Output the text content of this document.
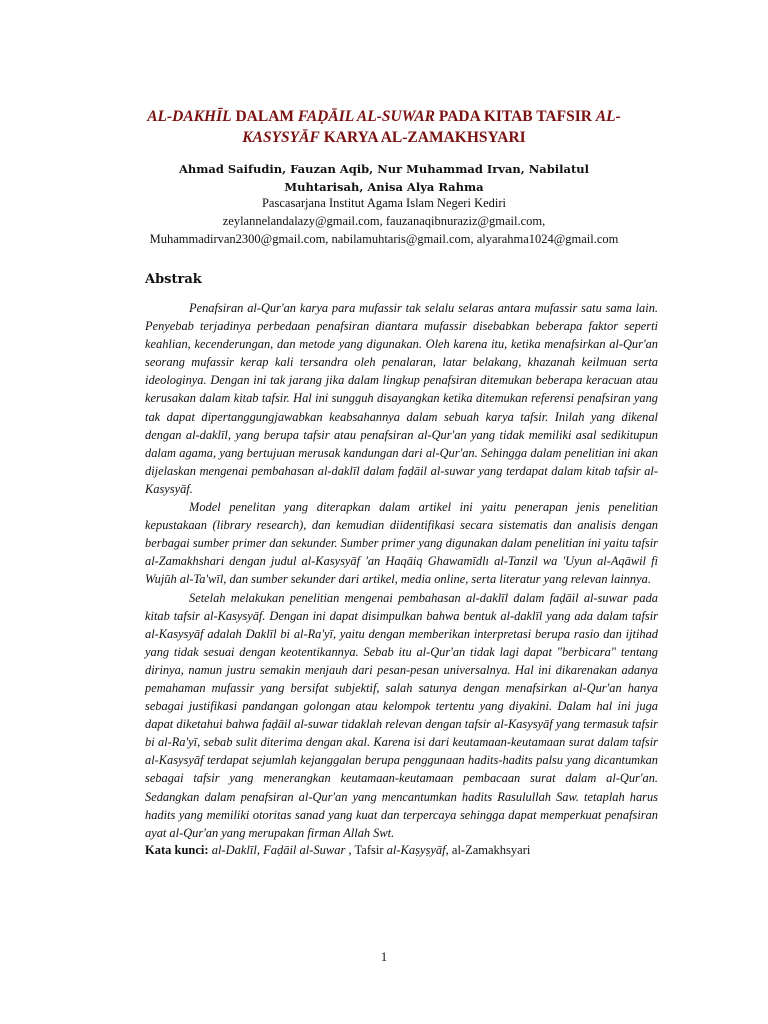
AL-DAKHĪL DALAM FAḌĀIL AL-SUWAR PADA KITAB TAFSIR AL-KASYSYĀF KARYA AL-ZAMAKHSYARI
Ahmad Saifudin, Fauzan Aqib, Nur Muhammad Irvan, Nabilatul Muhtarisah, Anisa Alya Rahma
Pascasarjana Institut Agama Islam Negeri Kediri
zeylannelandalazy@gmail.com, fauzanaqibnuraziz@gmail.com,
Muhammadirvan2300@gmail.com, nabilamuhtaris@gmail.com, alyarahma1024@gmail.com
Abstrak

Penafsiran al-Qur'an karya para mufassir tak selalu selaras antara mufassir satu sama lain. Penyebab terjadinya perbedaan penafsiran diantara mufassir disebabkan beberapa faktor seperti keahlian, kecenderungan, dan metode yang digunakan. Oleh karena itu, ketika menafsirkan al-Qur'an seorang mufassir kerap kali tersandra oleh penalaran, latar belakang, khazanah keilmuan serta ideologinya. Dengan ini tak jarang jika dalam lingkup penafsiran ditemukan beberapa keracuan atau kerusakan dalam kitab tafsir. Hal ini sungguh disayangkan ketika ditemukan referensi penafsiran yang tak dapat dipertanggungjawabkan keabsahannya dalam sebuah karya tafsir. Inilah yang dikenal dengan al-daklīl, yang berupa tafsir atau penafsiran al-Qur'an yang tidak memiliki asal sedikitupun dalam agama, yang bertujuan merusak kandungan dari al-Qur'an. Sehingga dalam penelitian ini akan dijelaskan mengenai pembahasan al-daklīl dalam faḍāil al-suwar yang terdapat dalam kitab tafsir al-Kasysyāf.

Model penelitan yang diterapkan dalam artikel ini yaitu penerapan jenis penelitian kepustakaan (library research), dan kemudian diidentifikasi secara sistematis dan analisis dengan berbagai sumber primer dan sekunder. Sumber primer yang digunakan dalam penelitian ini yaitu tafsir al-Zamakhshari dengan judul al-Kasysyāf 'an Haqāiq Ghawamīdlı al-Tanzil wa 'Uyun al-Aqāwil fi Wujūh al-Ta'wīl, dan sumber sekunder dari artikel, media online, serta literatur yang relevan lainnya.

Setelah melakukan penelitian mengenai pembahasan al-daklīl dalam faḍāil al-suwar pada kitab tafsir al-Kasysyāf. Dengan ini dapat disimpulkan bahwa bentuk al-daklīl yang ada dalam tafsir al-Kasysyāf adalah Daklīl bi al-Ra'yī, yaitu dengan memberikan interpretasi berupa rasio dan ijtihad yang tidak sesuai dengan keotentikannya. Sebab itu al-Qur'an tidak lagi dapat "berbicara" tentang dirinya, namun justru semakin menjauh dari pesan-pesan universalnya. Hal ini dikarenakan adanya pemahaman mufassir yang bersifat subjektif, salah satunya dengan menafsirkan al-Qur'an hanya sebagai justifikasi pandangan golongan atau kelompok tertentu yang diyakini. Dalam hal ini juga dapat diketahui bahwa faḍāil al-suwar tidaklah relevan dengan tafsir al-Kasysyāf yang termasuk tafsir bi al-Ra'yī, sebab sulit diterima dengan akal. Karena isi dari keutamaan-keutamaan surat dalam tafsir al-Kasysyāf terdapat sejumlah kejanggalan berupa penggunaan hadits-hadits palsu yang dicantumkan sebagai tafsir yang menerangkan keutamaan-keutamaan pembacaan surat dalam al-Qur'an. Sedangkan dalam penafsiran al-Qur'an yang mencantumkan hadits Rasulullah Saw. tetaplah harus hadits yang memiliki otoritas sanad yang kuat dan terpercaya sehingga dapat memperkuat penafsiran ayat al-Qur'an yang merupakan firman Allah Swt.

Kata kunci: al-Daklīl, Faḍāil al-Suwar , Tafsir al-Kaṣyṣyāf, al-Zamakhsyari
1
